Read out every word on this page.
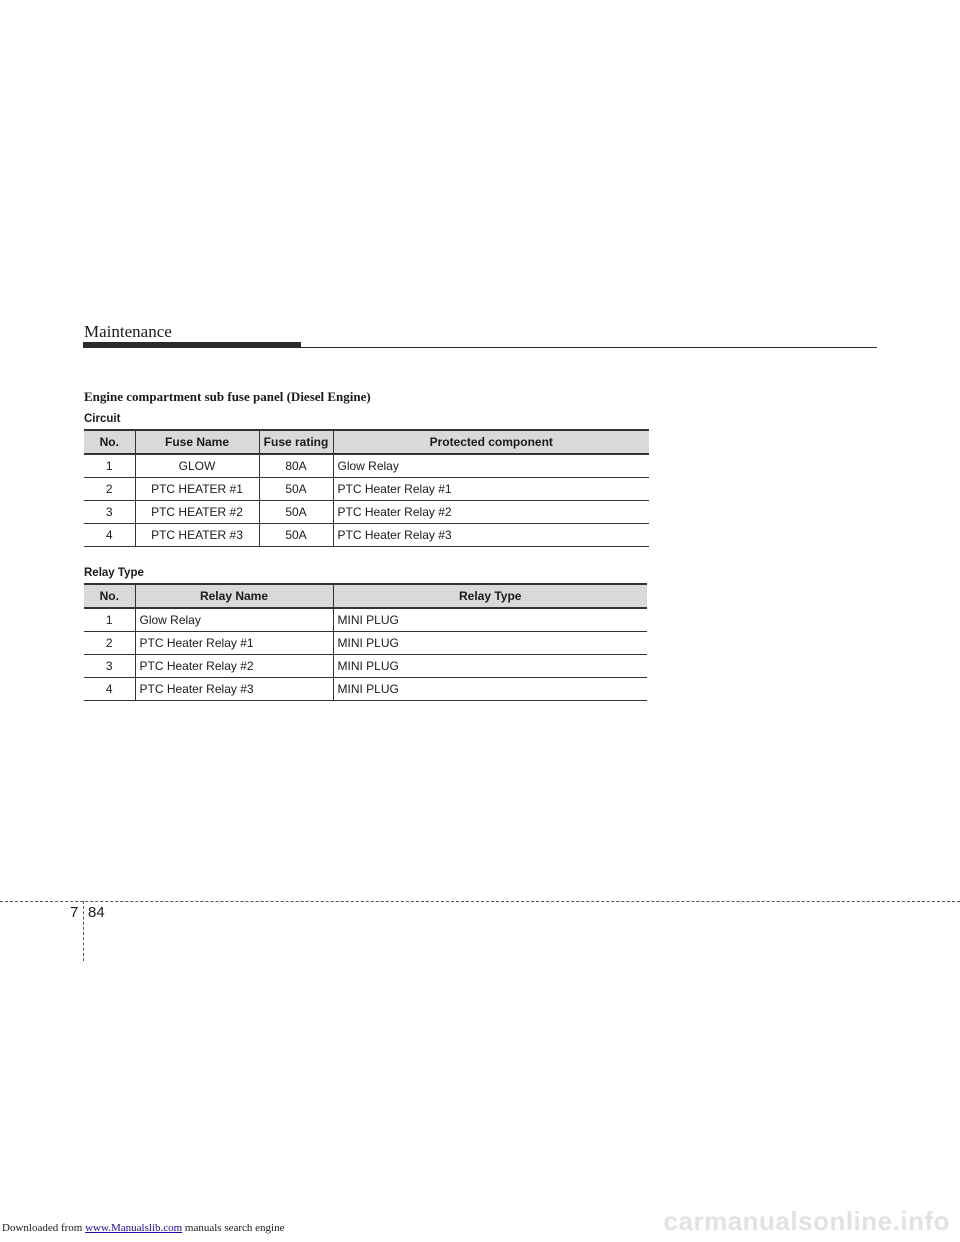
Maintenance
Engine compartment sub fuse panel (Diesel Engine)
Circuit
No.	Fuse Name	Fuse rating	Protected component
1	GLOW	80A	Glow Relay
2	PTC HEATER #1	50A	PTC Heater Relay #1
3	PTC HEATER #2	50A	PTC Heater Relay #2
4	PTC HEATER #3	50A	PTC Heater Relay #3
Relay Type
No.	Relay Name	Relay Type
1	Glow Relay	MINI PLUG
2	PTC Heater Relay #1	MINI PLUG
3	PTC Heater Relay #2	MINI PLUG
4	PTC Heater Relay #3	MINI PLUG
7 84
carmanualsonline.info
Downloaded from www.Manualslib.com manuals search engine
